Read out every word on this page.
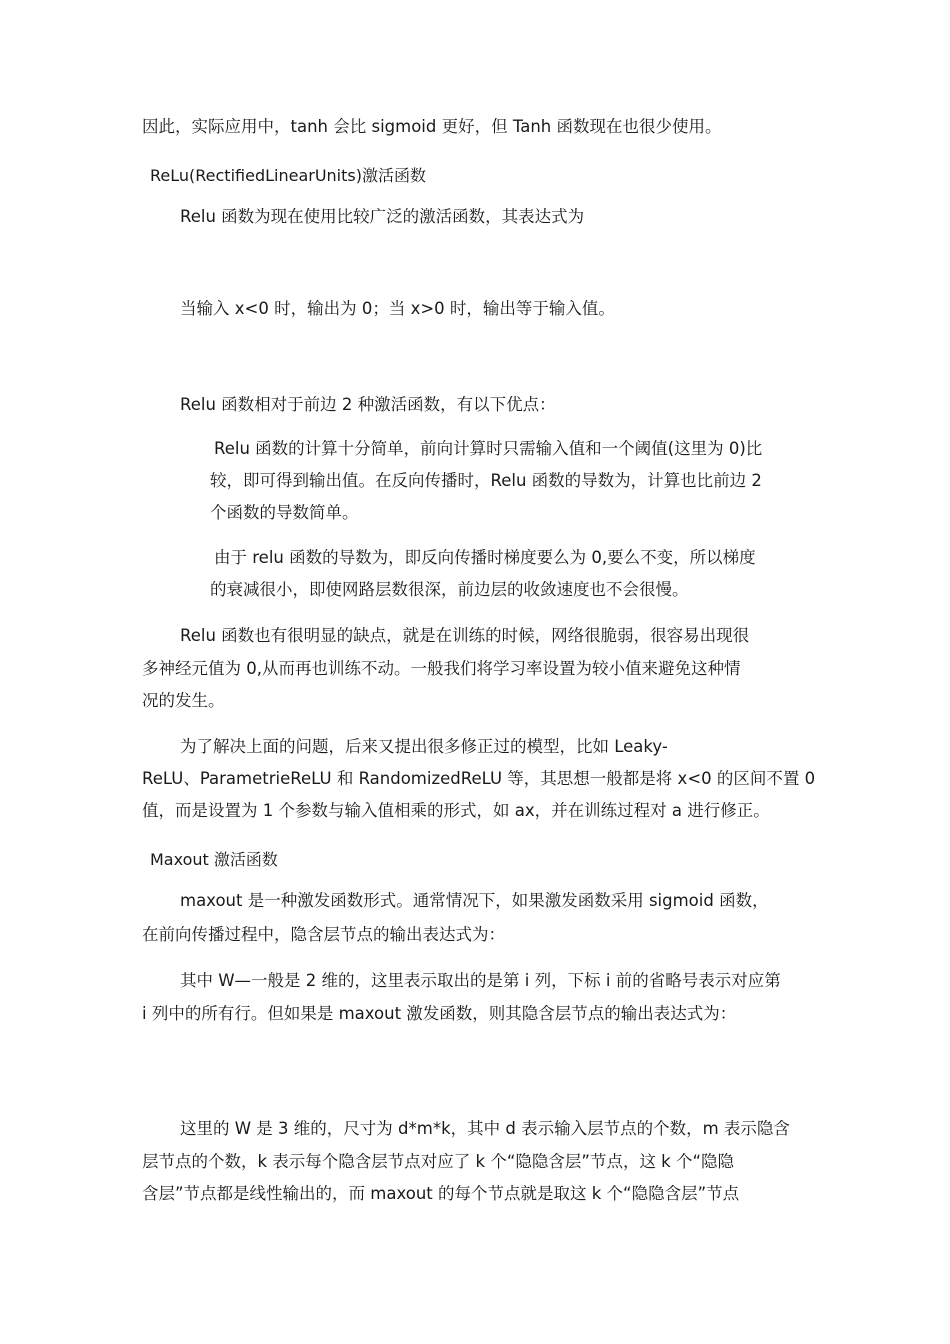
因此，实际应用中，tanh 会比 sigmoid 更好，但 Tanh 函数现在也很少使用。
ReLu(RectifiedLinearUnits)激活函数
Relu 函数为现在使用比较广泛的激活函数，其表达式为
当输入 x<0 时，输出为 0；当 x>0 时，输出等于输入值。
Relu 函数相对于前边 2 种激活函数，有以下优点：
Relu 函数的计算十分简单，前向计算时只需输入值和一个阈值(这里为 0)比
较，即可得到输出值。在反向传播时，Relu 函数的导数为，计算也比前边 2
个函数的导数简单。
由于 relu 函数的导数为，即反向传播时梯度要么为 0,要么不变，所以梯度
的衰减很小，即使网路层数很深，前边层的收敛速度也不会很慢。
Relu 函数也有很明显的缺点，就是在训练的时候，网络很脆弱，很容易出现很
多神经元值为 0,从而再也训练不动。一般我们将学习率设置为较小值来避免这种情
况的发生。
为了解决上面的问题，后来又提出很多修正过的模型，比如 Leaky-
ReLU、ParametrieReLU 和 RandomizedReLU 等，其思想一般都是将 x<0 的区间不置 0
值，而是设置为 1 个参数与输入值相乘的形式，如 ax，并在训练过程对 a 进行修正。
Maxout 激活函数
maxout 是一种激发函数形式。通常情况下，如果激发函数采用 sigmoid 函数，
在前向传播过程中，隐含层节点的输出表达式为：
其中 W—一般是 2 维的，这里表示取出的是第 i 列，下标 i 前的省略号表示对应第
i 列中的所有行。但如果是 maxout 激发函数，则其隐含层节点的输出表达式为：
这里的 W 是 3 维的，尺寸为 d*m*k，其中 d 表示输入层节点的个数，m 表示隐含
层节点的个数，k 表示每个隐含层节点对应了 k 个“隐隐含层”节点，这 k 个“隐隐
含层”节点都是线性输出的，而 maxout 的每个节点就是取这 k 个“隐隐含层”节点
